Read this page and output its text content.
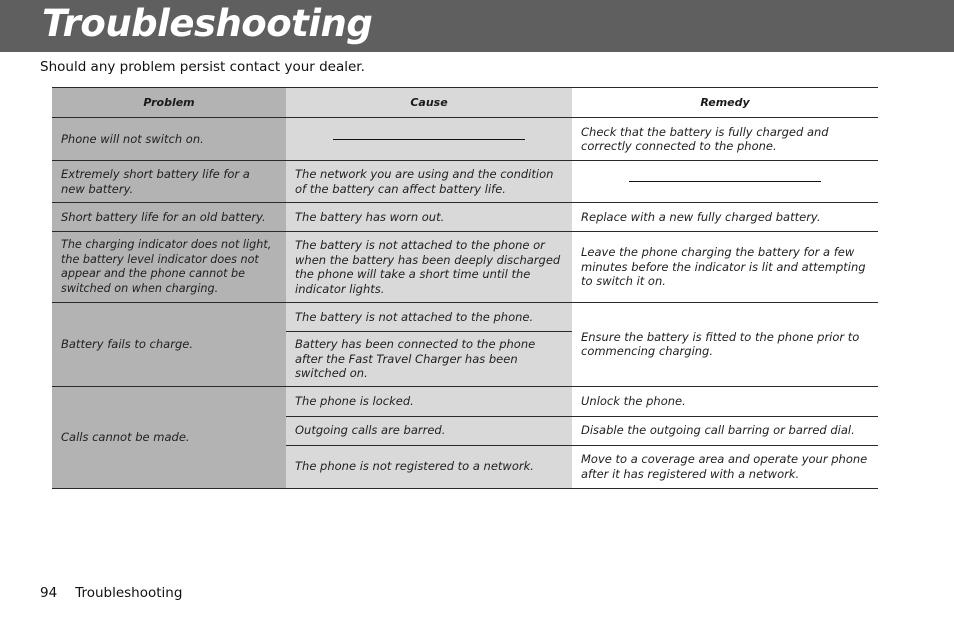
Troubleshooting
Should any problem persist contact your dealer.
Problem	Cause	Remedy
Phone will not switch on.		Check that the battery is fully charged and correctly connected to the phone.
Extremely short battery life for a new battery.	The network you are using and the condition of the battery can affect battery life.	

Short battery life for an old battery.	The battery has worn out.	Replace with a new fully charged battery.
The charging indicator does not light, the battery level indicator does not appear and the phone cannot be switched on when charging.	The battery is not attached to the phone or when the battery has been deeply discharged the phone will take a short time until the indicator lights.	Leave the phone charging the battery for a few minutes before the indicator is lit and attempting to switch it on.
Battery fails to charge.	The battery is not attached to the phone.	Ensure the battery is fitted to the phone prior to commencing charging.
	Battery has been connected to the phone after the Fast Travel Charger has been switched on.	
Calls cannot be made.	The phone is locked.	Unlock the phone.
	Outgoing calls are barred.	Disable the outgoing call barring or barred dial.
	The phone is not registered to a network.	Move to a coverage area and operate your phone after it has registered with a network.
94 Troubleshooting
